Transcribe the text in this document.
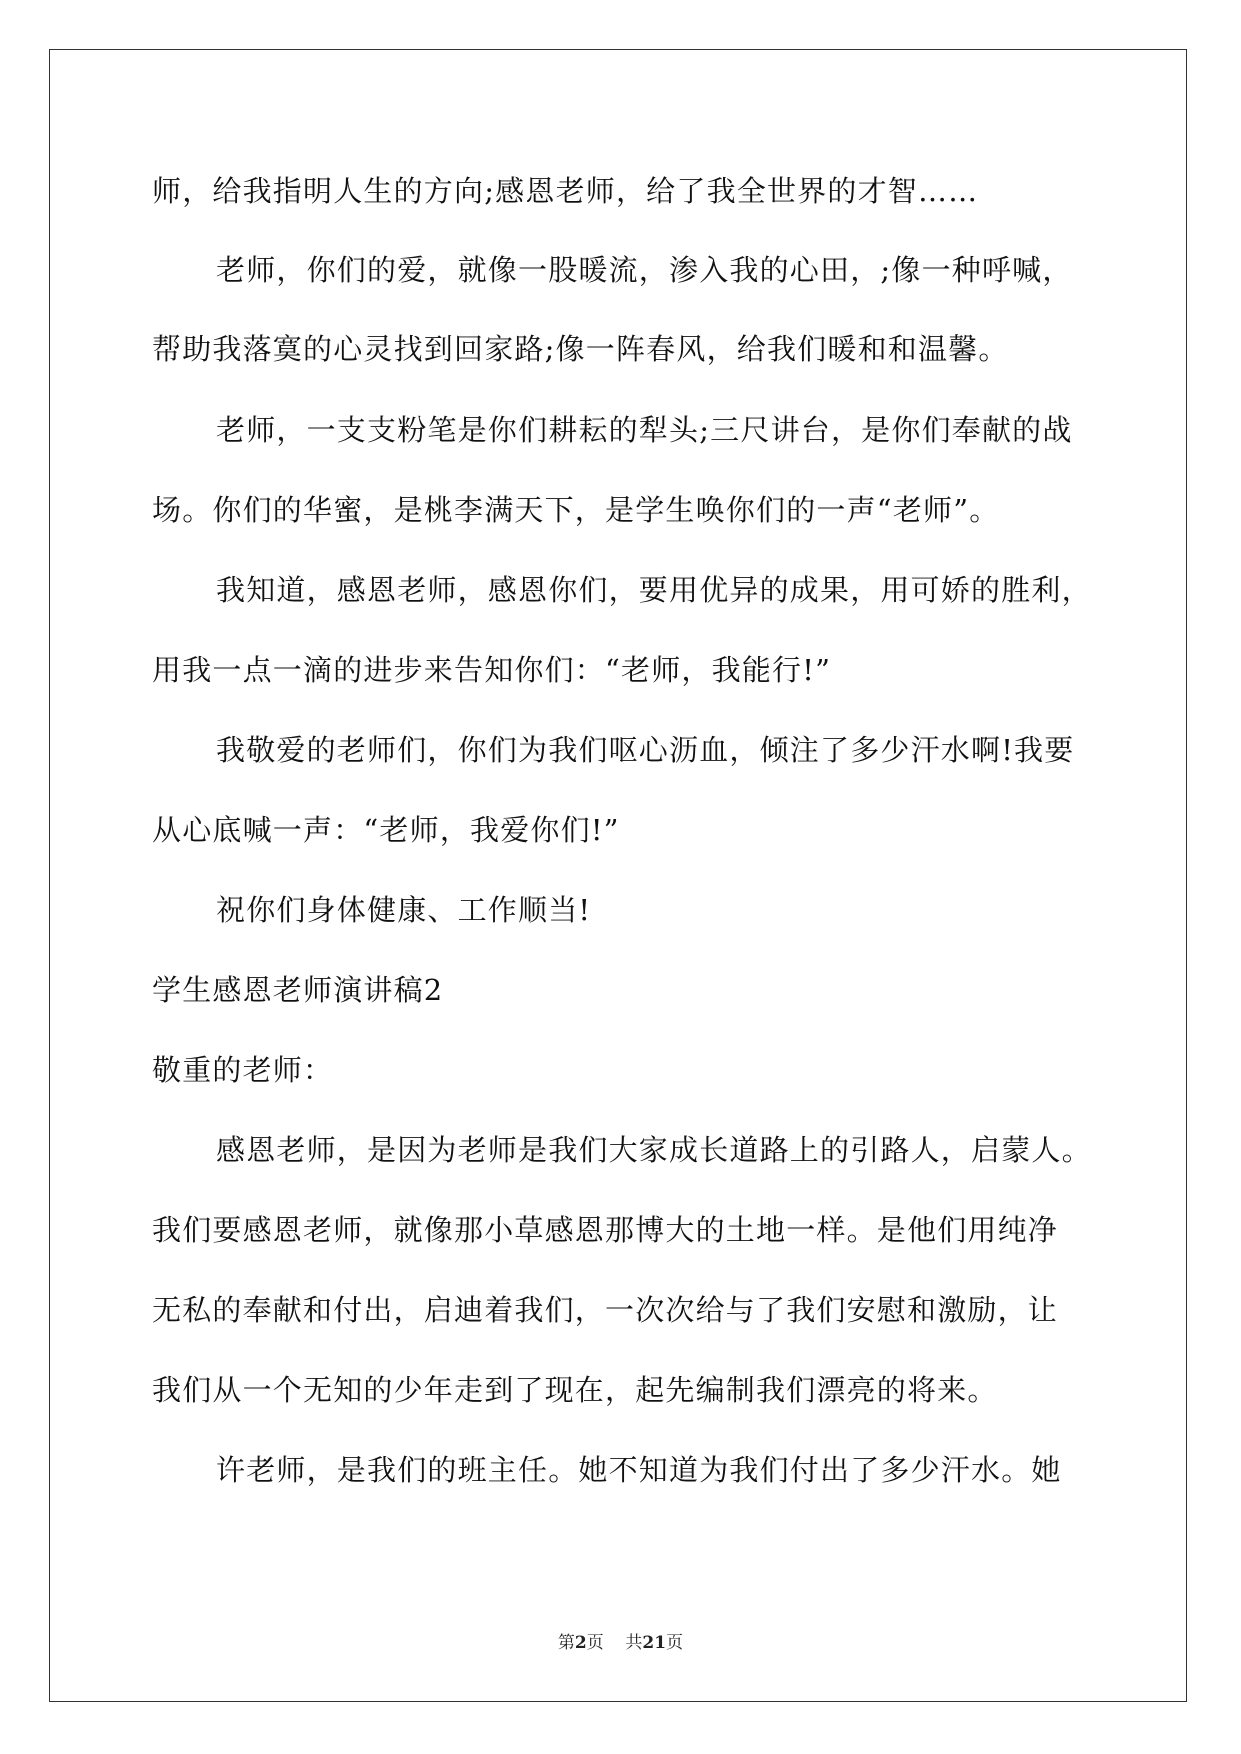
师，给我指明人生的方向;感恩老师，给了我全世界的才智……
老师，你们的爱，就像一股暖流，渗入我的心田，;像一种呼喊，
帮助我落寞的心灵找到回家路;像一阵春风，给我们暖和和温馨。
老师，一支支粉笔是你们耕耘的犁头;三尺讲台，是你们奉献的战
场。你们的华蜜，是桃李满天下，是学生唤你们的一声“老师”。
我知道，感恩老师，感恩你们，要用优异的成果，用可娇的胜利，
用我一点一滴的进步来告知你们：“老师，我能行!”
我敬爱的老师们，你们为我们呕心沥血，倾注了多少汗水啊!我要
从心底喊一声：“老师，我爱你们!”
祝你们身体健康、工作顺当!
学生感恩老师演讲稿2
敬重的老师：
感恩老师，是因为老师是我们大家成长道路上的引路人，启蒙人。
我们要感恩老师，就像那小草感恩那博大的土地一样。是他们用纯净
无私的奉献和付出，启迪着我们，一次次给与了我们安慰和激励，让
我们从一个无知的少年走到了现在，起先编制我们漂亮的将来。
许老师，是我们的班主任。她不知道为我们付出了多少汗水。她
第2页 共21页
